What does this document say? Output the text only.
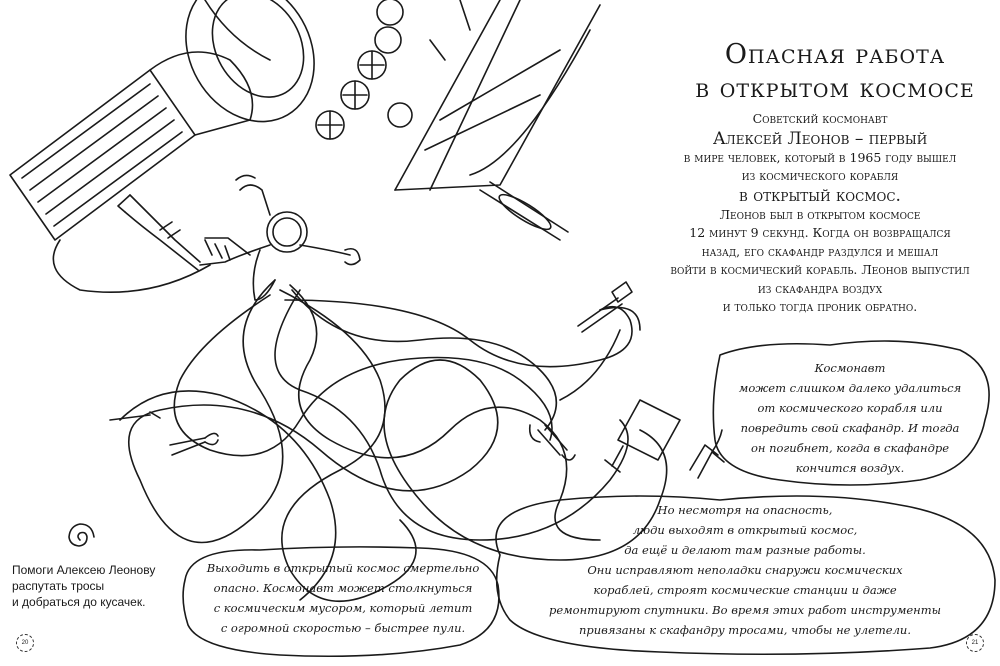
Опасная работа
в открытом космосе
Советский космонавт
Алексей Леонов – первый
в мире человек, который в 1965 году вышел
из космического корабля
в открытый космос.
Леонов был в открытом космосе
12 минут 9 секунд. Когда он возвращался
назад, его скафандр раздулся и мешал
войти в космический корабль. Леонов выпустил
из скафандра воздух
и только тогда проник обратно.
Космонавт
может слишком далеко удалиться
от космического корабля или
повредить свой скафандр. И тогда
он погибнет, когда в скафандре
кончится воздух.
Но несмотря на опасность,
люди выходят в открытый космос,
да ещё и делают там разные работы.
Они исправляют неполадки снаружи космических
кораблей, строят космические станции и даже
ремонтируют спутники. Во время этих работ инструменты
привязаны к скафандру тросами, чтобы не улетели.
Выходить в открытый космос смертельно
опасно. Космонавт может столкнуться
с космическим мусором, который летит
с огромной скоростью – быстрее пули.
Помоги Алексею Леонову
распутать тросы
и добраться до кусачек.
20	21
